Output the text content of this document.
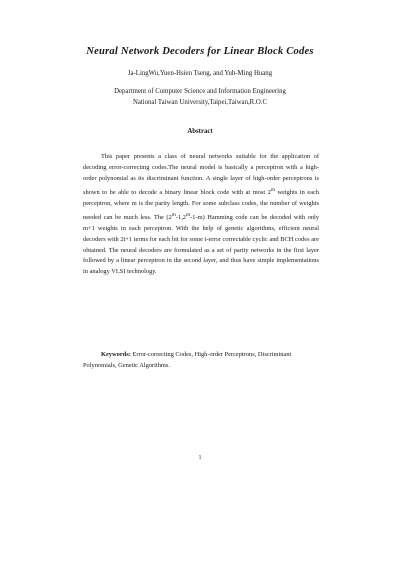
Neural Network Decoders for Linear Block Codes
Ja-LingWu,Yuen-Hsien Tseng, and Yuh-Ming Huang
Department of Computer Science and Information Engineering
National Taiwan University,Taipei,Taiwan,R.O.C
Abstract

This paper presents a class of neural networks suitable for the application of decoding error-correcting codes.The neural model is basically a perceptron with a high-order polynomial as its discriminant function. A single layer of high-order perceptrons is shown to be able to decode a binary linear block code with at most 2$^m$ weights in each perceptron, where m is the parity length. For some subclass codes, the number of weights needed can be much less. The (2$^m$-1,2$^m$-1-m) Hamming code can be decoded with only m+1 weights in each perceptron. With the help of genetic algorithms, efficient neural decoders with 2t+1 terms for each bit for some t-error correctable cyclic and BCH codes are obtained. The neural decoders are formulated as a set of parity networks in the first layer followed by a linear perceptron in the second layer, and thus have simple implementations in analogy VLSI technology.

Keywords: Error-correcting Codes, High-order Perceptrons, Discriminant Polynomials, Genetic Algorithms.

1
